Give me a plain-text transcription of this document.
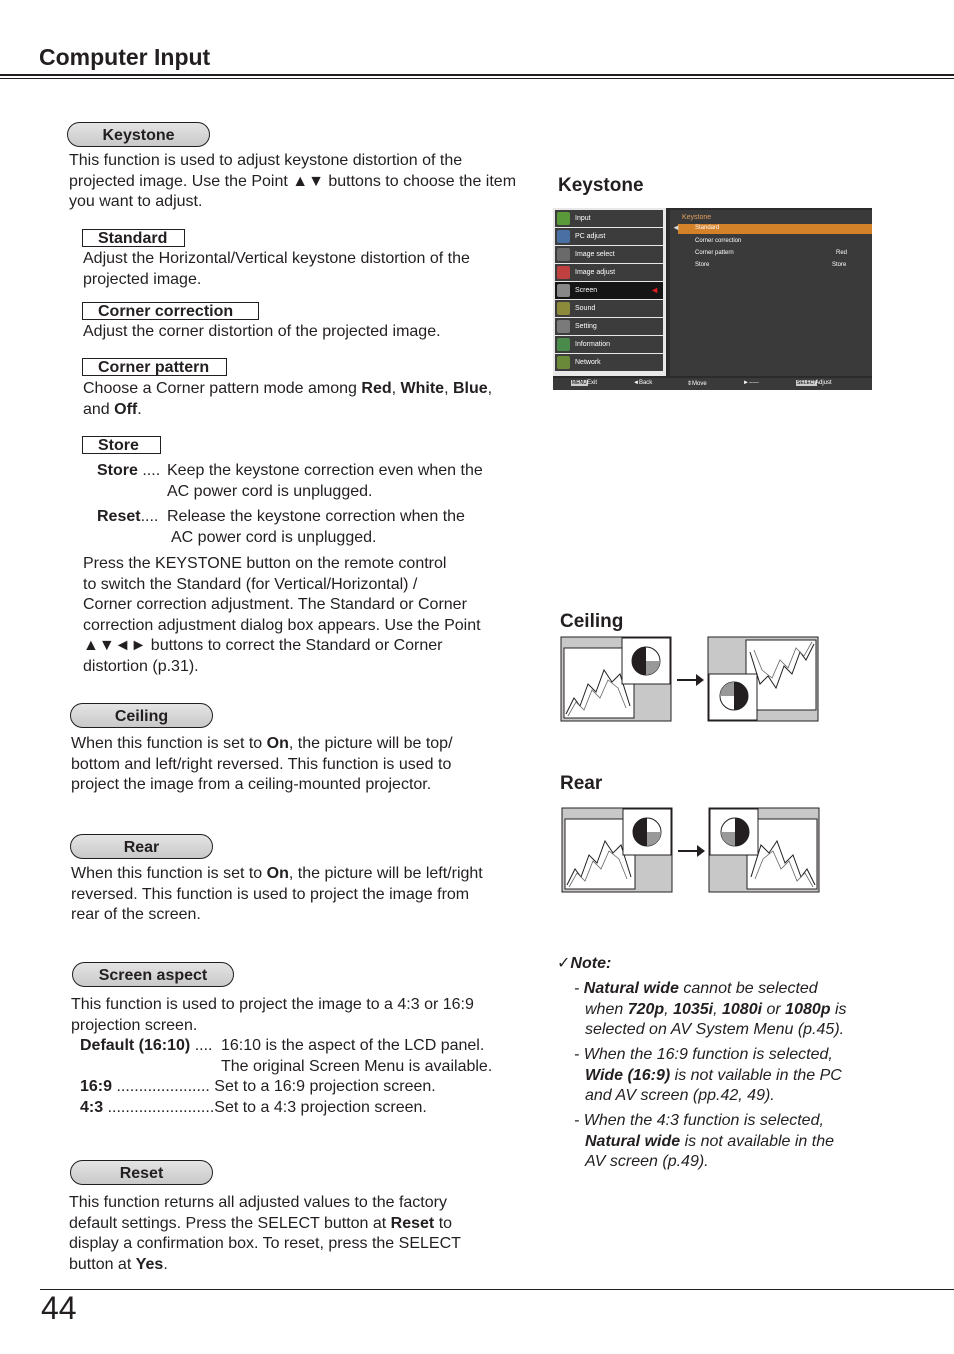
Computer Input
Keystone
This function is used to adjust keystone distortion of the projected image. Use the Point ▲▼ buttons to choose the item you want to adjust.
Standard
Adjust the Horizontal/Vertical keystone distortion of the projected image.
Corner correction
Adjust the corner distortion of the projected image.
Corner pattern
Choose a Corner pattern mode among Red, White, Blue,
and Off.
Store
Store .... Keep the keystone correction even when the
AC power cord is unplugged.
Reset.... Release the keystone correction when the
AC power cord is unplugged.
Press the KEYSTONE button on the remote control
to switch the Standard (for Vertical/Horizontal) /
Corner correction adjustment. The Standard or Corner
correction adjustment dialog box appears. Use the Point
▲▼◄► buttons to correct the Standard or Corner
distortion (p.31).
Ceiling
When this function is set to On, the picture will be top/
bottom and left/right reversed. This function is used to
project the image from a ceiling-mounted projector.
Rear
When this function is set to On, the picture will be left/right
reversed. This function is used to project the image from
rear of the screen.
Screen aspect
This function is used to project the image to a 4:3 or 16:9
projection screen.
Default (16:10) .... 16:10 is the aspect of the LCD panel.
The original Screen Menu is available.
16:9 ..................... Set to a 16:9 projection screen.
4:3 ........................Set to a 4:3 projection screen.
Reset
This function returns all adjusted values to the factory
default settings. Press the SELECT button at Reset to
display a confirmation box. To reset, press the SELECT
button at Yes.
Keystone
Input
PC adjust
Image select
Image adjust
Screen	◄
Sound
Setting
Information
Network
Keystone
◄	Standard
Corner correction
Corner pattern	Red
Store	Store
MENU Exit	◄Back	⇕Move	►-----	SELECT
Adjust
Ceiling
Rear
✓Note:
- Natural wide cannot be selected
when 720p, 1035i, 1080i or 1080p is
selected on AV System Menu (p.45).
- When the 16:9 function is selected,
Wide (16:9) is not vailable in the PC
and AV screen (pp.42, 49).
- When the 4:3 function is selected,
Natural wide is not available in the
AV screen (p.49).
44
